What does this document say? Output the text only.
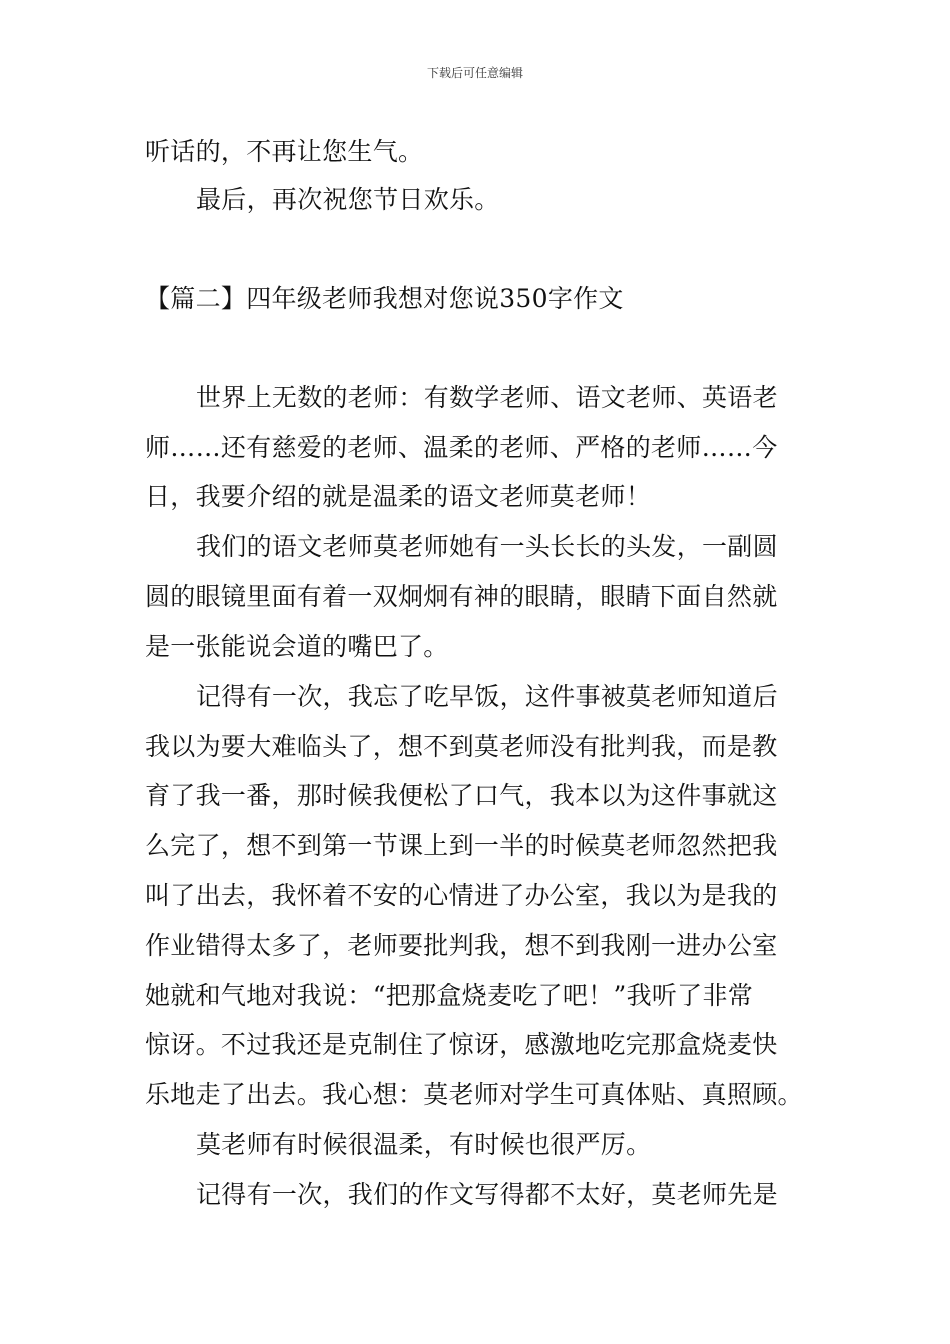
下载后可任意编辑
听话的，不再让您生气。
最后，再次祝您节日欢乐。
【篇二】四年级老师我想对您说350字作文
世界上无数的老师：有数学老师、语文老师、英语老
师……还有慈爱的老师、温柔的老师、严格的老师……今
日，我要介绍的就是温柔的语文老师莫老师！
我们的语文老师莫老师她有一头长长的头发，一副圆
圆的眼镜里面有着一双炯炯有神的眼睛，眼睛下面自然就
是一张能说会道的嘴巴了。
记得有一次，我忘了吃早饭，这件事被莫老师知道后
我以为要大难临头了，想不到莫老师没有批判我，而是教
育了我一番，那时候我便松了口气，我本以为这件事就这
么完了，想不到第一节课上到一半的时候莫老师忽然把我
叫了出去，我怀着不安的心情进了办公室，我以为是我的
作业错得太多了，老师要批判我，想不到我刚一进办公室
她就和气地对我说：“把那盒烧麦吃了吧！”我听了非常
惊讶。不过我还是克制住了惊讶，感激地吃完那盒烧麦快
乐地走了出去。我心想：莫老师对学生可真体贴、真照顾。
莫老师有时候很温柔，有时候也很严厉。
记得有一次，我们的作文写得都不太好，莫老师先是
